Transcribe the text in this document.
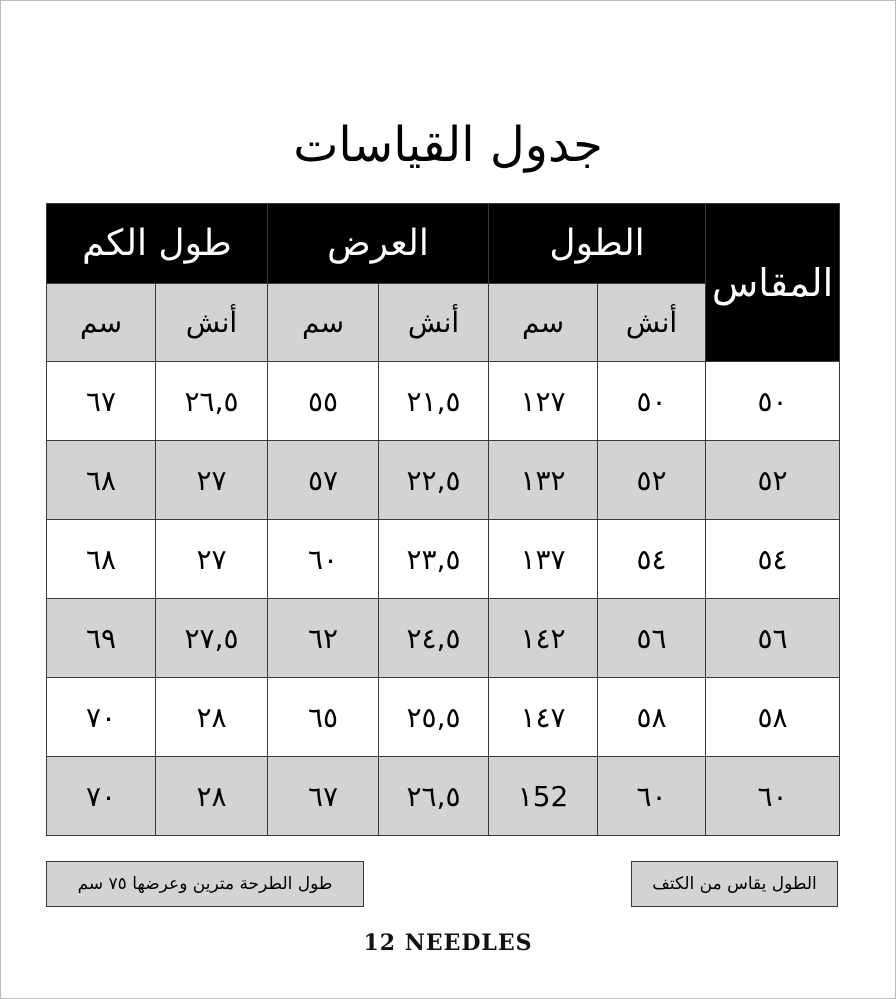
جدول القياسات
المقاس	الطول		العرض		طول الكم	
	أنش	سم	أنش	سم	أنش	سم
٥٠	٥٠	١٢٧	٢١,٥	٥٥	٢٦,٥	٦٧
٥٢	٥٢	١٣٢	٢٢,٥	٥٧	٢٧	٦٨
٥٤	٥٤	١٣٧	٢٣,٥	٦٠	٢٧	٦٨
٥٦	٥٦	١٤٢	٢٤,٥	٦٢	٢٧,٥	٦٩
٥٨	٥٨	١٤٧	٢٥,٥	٦٥	٢٨	٧٠
٦٠	٦٠	١52	٢٦,٥	٦٧	٢٨	٧٠
الطول يقاس من الكتف
طول الطرحة مترين وعرضها ٧٥ سم
12 NEEDLES
